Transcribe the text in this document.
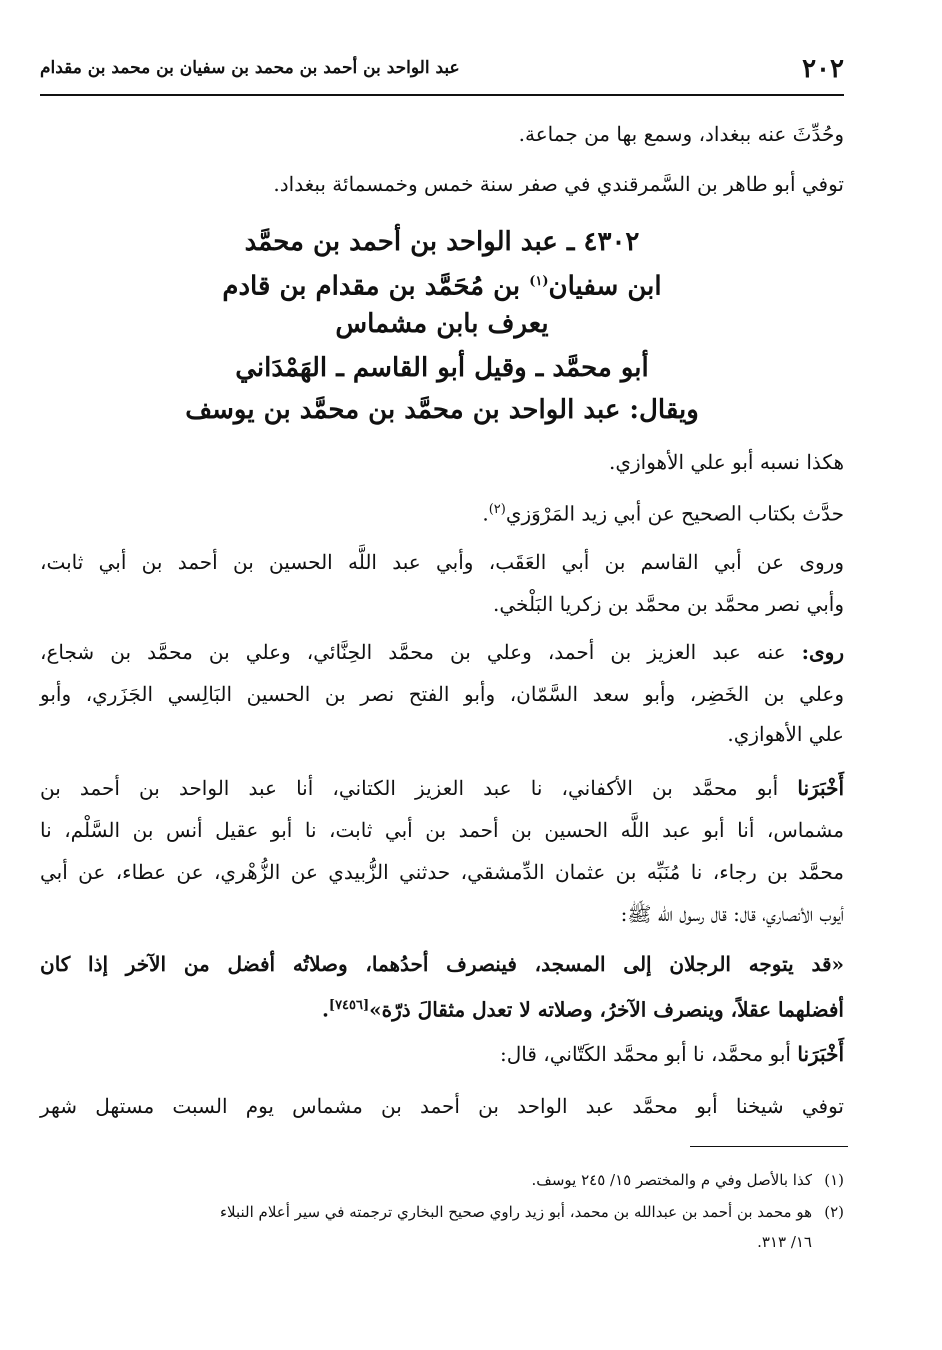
٢٠٢
عبد الواحد بن أحمد بن محمد بن سفيان بن محمد بن مقدام
وحُدِّثَ عنه ببغداد، وسمع بها من جماعة.
توفي أبو طاهر بن السَّمرقندي في صفر سنة خمس وخمسمائة ببغداد.
٤٣٠٢ ـ عبد الواحد بن أحمد بن محمَّد
ابن سفيان$^{(١)}$ بن مُحَمَّد بن مقدام بن قادم
يعرف بابن مشماس
أبو محمَّد ـ وقيل أبو القاسم ـ الهَمْدَاني
ويقال: عبد الواحد بن محمَّد بن محمَّد بن يوسف
هكذا نسبه أبو علي الأهوازي.
حدَّث بكتاب الصحيح عن أبي زيد المَرْوَزي$^{(٢)}$.
وروى عن أبي القاسم بن أبي العَقَب، وأبي عبد اللَّه الحسين بن أحمد بن أبي ثابت،
وأبي نصر محمَّد بن محمَّد بن زكريا البَلْخي.
روى: عنه عبد العزيز بن أحمد، وعلي بن محمَّد الحِنَّائي، وعلي بن محمَّد بن شجاع،
وعلي بن الخَضِر، وأبو سعد السَّمّان، وأبو الفتح نصر بن الحسين البَالِسي الجَزَري، وأبو
علي الأهوازي.
أَخْبَرَنا أبو محمَّد بن الأكفاني، نا عبد العزيز الكتاني، أنا عبد الواحد بن أحمد بن
مشماس، أنا أبو عبد اللَّه الحسين بن أحمد بن أبي ثابت، نا أبو عقيل أنس بن السَّلْم، نا
محمَّد بن رجاء، نا مُنَبِّه بن عثمان الدِّمشقي، حدثني الزُّبيدي عن الزُّهْري، عن عطاء، عن أبي
أيوب الأنصاري، قال: قال رسول الله ﷺ:
«قد يتوجه الرجلان إلى المسجد، فينصرف أحدُهما، وصلاتُه أفضل من الآخر إذا كان
أفضلهما عقلاً، وينصرف الآخرُ، وصلاته لا تعدل مثقالَ ذرّة»[٧٤٥٦].
أَخْبَرَنا أبو محمَّد، نا أبو محمَّد الكَتّاني، قال:
توفي شيخنا أبو محمَّد عبد الواحد بن أحمد بن مشماس يوم السبت مستهل شهر
(١)
كذا بالأصل وفي م والمختصر ١٥/ ٢٤٥ يوسف.
(٢)
هو محمد بن أحمد بن عبدالله بن محمد، أبو زيد راوي صحيح البخاري ترجمته في سير أعلام النبلاء
١٦/ ٣١٣.
